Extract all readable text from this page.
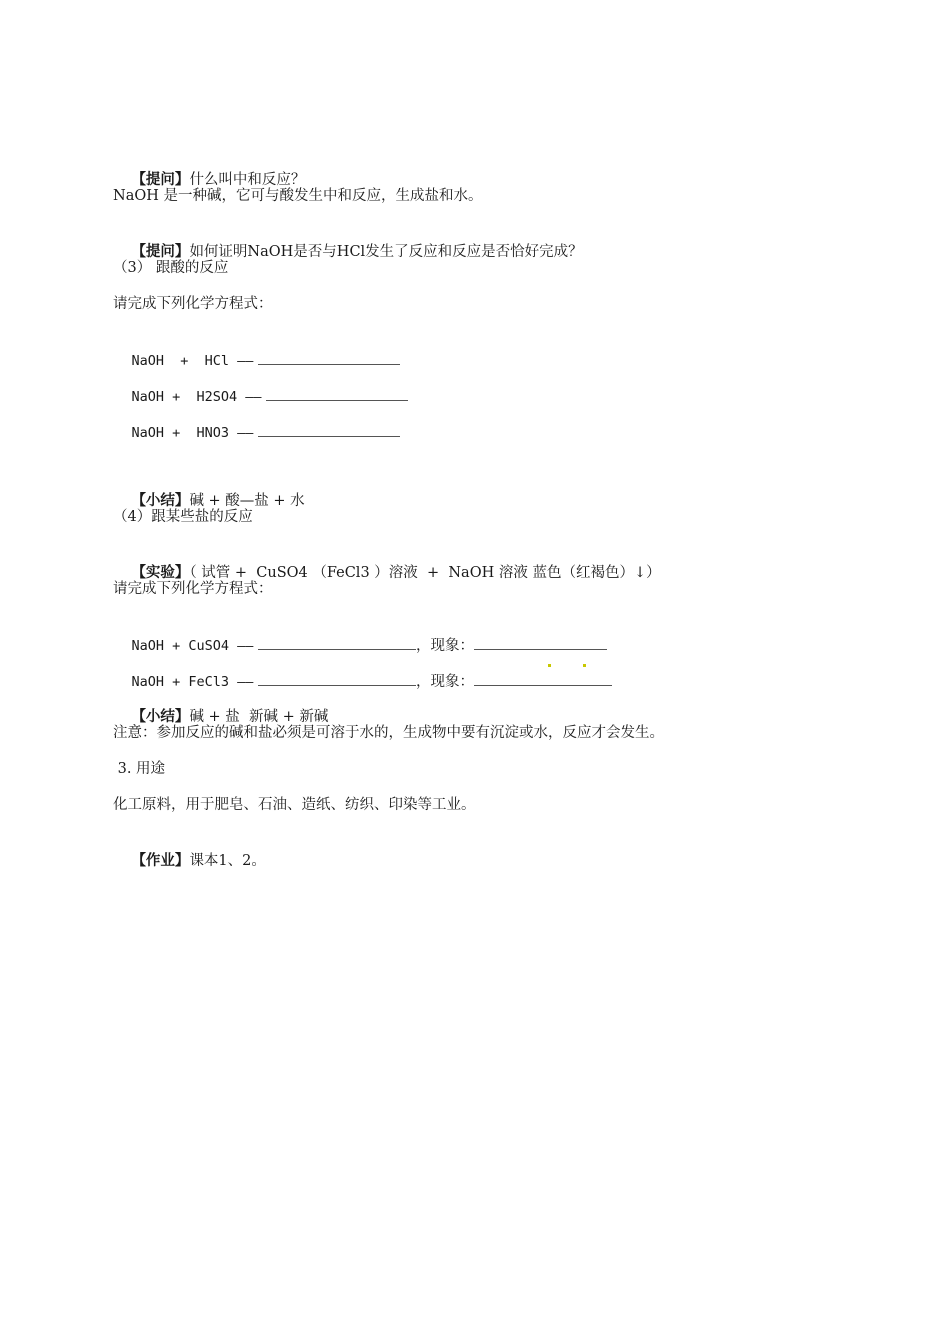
【提问】什么叫中和反应？

NaOH 是一种碱，它可与酸发生中和反应，生成盐和水。

【提问】如何证明NaOH是否与HCl发生了反应和反应是否恰好完成？

（3） 跟酸的反应
请完成下列化学方程式：

NaOH  +  HCl ——

NaOH +  H2SO4 ——

NaOH +  HNO3 ——

【小结】碱 + 酸—盐 + 水

（4）跟某些盐的反应

【实验】（ 试管 +  CuSO4 （FeCl3 ）溶液  +  NaOH 溶液 蓝色（红褐色）↓）

请完成下列化学方程式：

NaOH + CuSO4 ——	，现象：

NaOH + FeCl3 ——	，现象：

【小结】碱 + 盐  新碱 + 新碱

注意：参加反应的碱和盐必须是可溶于水的，生成物中要有沉淀或水，反应才会发生。
3. 用途
化工原料，用于肥皂、石油、造纸、纺织、印染等工业。

【作业】课本1、2。
